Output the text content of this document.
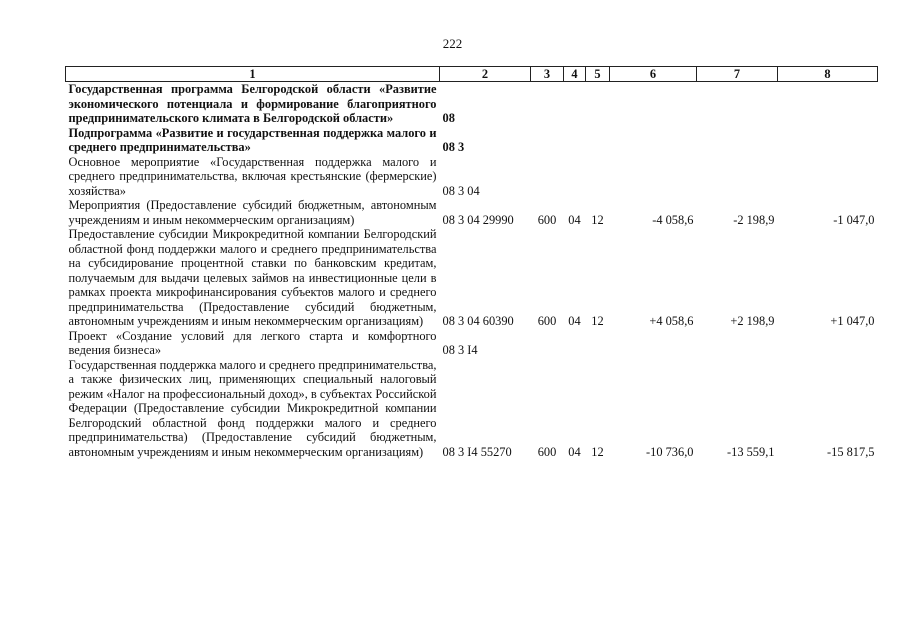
222
1	2	3	4	5	6	7	8
Государственная программа Белгородской области «Развитие экономического потенциала и формирование благоприятного предпринимательского климата в Белгородской области»	08						
Подпрограмма «Развитие и государственная поддержка малого и среднего предпринимательства»	08 3						
Основное мероприятие «Государственная поддержка малого и среднего предпринимательства, включая крестьянские (фермерские) хозяйства»	08 3 04						
Мероприятия (Предоставление субсидий бюджетным, автономным учреждениям и иным некоммерческим организациям)	08 3 04 29990	600	04	12	-4 058,6	-2 198,9	-1 047,0
Предоставление субсидии Микрокредитной компании Белгородский областной фонд поддержки малого и среднего предпринимательства на субсидирование процентной ставки по банковским кредитам, получаемым для выдачи целевых займов на инвестиционные цели в рамках проекта микрофинансирования субъектов малого и среднего предпринимательства (Предоставление субсидий бюджетным, автономным учреждениям и иным некоммерческим организациям)	08 3 04 60390	600	04	12	+4 058,6	+2 198,9	+1 047,0
Проект «Создание условий для легкого старта и комфортного ведения бизнеса»	08 3 I4						
Государственная поддержка малого и среднего предпринимательства, а также физических лиц, применяющих специальный налоговый режим «Налог на профессиональный доход», в субъектах Российской Федерации (Предоставление субсидии Микрокредитной компании Белгородский областной фонд поддержки малого и среднего предпринимательства) (Предоставление субсидий бюджетным, автономным учреждениям и иным некоммерческим организациям)	08 3 I4 55270	600	04	12	-10 736,0	-13 559,1	-15 817,5
